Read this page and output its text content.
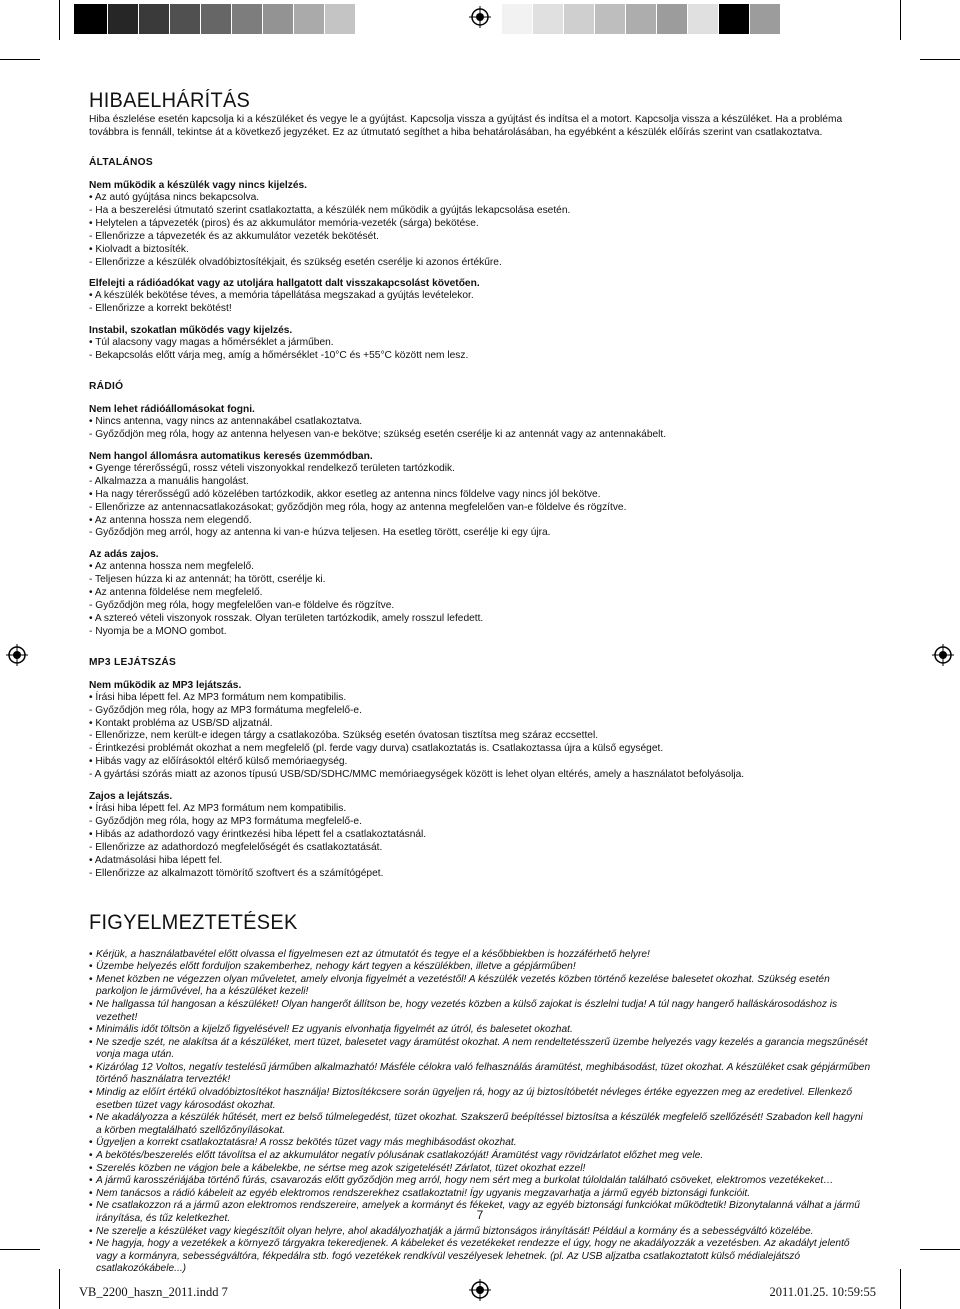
HIBAELHÁRÍTÁS

Hiba észlelése esetén kapcsolja ki a készüléket és vegye le a gyújtást. Kapcsolja vissza a gyújtást és indítsa el a motort. Kapcsolja vissza a készüléket. Ha a probléma továbbra is fennáll, tekintse át a következő jegyzéket. Ez az útmutató segíthet a hiba behatárolásában, ha egyébként a készülék előírás szerint van csatlakoztatva.

ÁLTALÁNOS
Nem működik a készülék vagy nincs kijelzés.

• Az autó gyújtása nincs bekapcsolva.

- Ha a beszerelési útmutató szerint csatlakoztatta, a készülék nem működik a gyújtás lekapcsolása esetén.

• Helytelen a tápvezeték (piros) és az akkumulátor memória-vezeték (sárga) bekötése.

- Ellenőrizze a tápvezeték és az akkumulátor vezeték bekötését.

• Kiolvadt a biztosíték.

- Ellenőrizze a készülék olvadóbiztosítékjait, és szükség esetén cserélje ki azonos értékűre.

Elfelejti a rádióadókat vagy az utoljára hallgatott dalt visszakapcsolást követően.

• A készülék bekötése téves, a memória tápellátása megszakad a gyújtás levételekor.

- Ellenőrizze a korrekt bekötést!

Instabil, szokatlan működés vagy kijelzés.

• Túl alacsony vagy magas a hőmérséklet a járműben.

- Bekapcsolás előtt várja meg, amíg a hőmérséklet -10°C és +55°C között nem lesz.

RÁDIÓ
Nem lehet rádióállomásokat fogni.

• Nincs antenna, vagy nincs az antennakábel csatlakoztatva.

- Győződjön meg róla, hogy az antenna helyesen van-e bekötve; szükség esetén cserélje ki az antennát vagy az antennakábelt.

Nem hangol állomásra automatikus keresés üzemmódban.

• Gyenge térerősségű, rossz vételi viszonyokkal rendelkező területen tartózkodik.

- Alkalmazza a manuális hangolást.

• Ha nagy térerősségű adó közelében tartózkodik, akkor esetleg az antenna nincs földelve vagy nincs jól bekötve.

- Ellenőrizze az antennacsatlakozásokat; győződjön meg róla, hogy az antenna megfelelően van-e földelve és rögzítve.

• Az antenna hossza nem elegendő.

- Győződjön meg arról, hogy az antenna ki van-e húzva teljesen. Ha esetleg törött, cserélje ki egy újra.

Az adás zajos.

• Az antenna hossza nem megfelelő.

- Teljesen húzza ki az antennát; ha törött, cserélje ki.

• Az antenna földelése nem megfelelő.

- Győződjön meg róla, hogy megfelelően van-e földelve és rögzítve.

• A sztereó vételi viszonyok rosszak. Olyan területen tartózkodik, amely rosszul lefedett.

- Nyomja be a MONO gombot.

MP3 LEJÁTSZÁS
Nem működik az MP3 lejátszás.

• Írási hiba lépett fel. Az MP3 formátum nem kompatibilis.

- Győződjön meg róla, hogy az MP3 formátuma megfelelő-e.

• Kontakt probléma az USB/SD aljzatnál.

- Ellenőrizze, nem került-e idegen tárgy a csatlakozóba. Szükség esetén óvatosan tisztítsa meg száraz eccsettel.

- Érintkezési problémát okozhat a nem megfelelő (pl. ferde vagy durva) csatlakoztatás is. Csatlakoztassa újra a külső egységet.

• Hibás vagy az előírásoktól eltérő külső memóriaegység.

- A gyártási szórás miatt az azonos típusú USB/SD/SDHC/MMC memóriaegységek között is lehet olyan eltérés, amely a használatot befolyásolja.

Zajos a lejátszás.

• Írási hiba lépett fel. Az MP3 formátum nem kompatibilis.

- Győződjön meg róla, hogy az MP3 formátuma megfelelő-e.

• Hibás az adathordozó vagy érintkezési hiba lépett fel a csatlakoztatásnál.

- Ellenőrizze az adathordozó megfelelőségét és csatlakoztatását.

• Adatmásolási hiba lépett fel.

- Ellenőrizze az alkalmazott tömörítő szoftvert és a számítógépet.

FIGYELMEZTETÉSEK
• Kérjük, a használatbavétel előtt olvassa el figyelmesen ezt az útmutatót és tegye el a későbbiekben is hozzáférhető helyre!
• Üzembe helyezés előtt forduljon szakemberhez, nehogy kárt tegyen a készülékben, illetve a gépjárműben!
• Menet közben ne végezzen olyan műveletet, amely elvonja figyelmét a vezetéstől! A készülék vezetés közben történő kezelése balesetet okozhat. Szükség esetén parkoljon le járművével, ha a készüléket kezeli!
• Ne hallgassa túl hangosan a készüléket! Olyan hangerőt állítson be, hogy vezetés közben a külső zajokat is észlelni tudja! A túl nagy hangerő halláskárosodáshoz is vezethet!
• Minimális időt töltsön a kijelző figyelésével! Ez ugyanis elvonhatja figyelmét az útról, és balesetet okozhat.
• Ne szedje szét, ne alakítsa át a készüléket, mert tüzet, balesetet vagy áramütést okozhat. A nem rendeltetésszerű üzembe helyezés vagy kezelés a garancia megszűnését vonja maga után.
• Kizárólag 12 Voltos, negatív testelésű járműben alkalmazható! Másféle célokra való felhasználás áramütést, meghibásodást, tüzet okozhat. A készüléket csak gépjárműben történő használatra tervezték!
• Mindig az előírt értékű olvadóbiztosítékot használja! Biztosítékcsere során ügyeljen rá, hogy az új biztosítóbetét névleges értéke egyezzen meg az eredetivel. Ellenkező esetben tüzet vagy károsodást okozhat.
• Ne akadályozza a készülék hűtését, mert ez belső túlmelegedést, tüzet okozhat. Szakszerű beépítéssel biztosítsa a készülék megfelelő szellőzését! Szabadon kell hagyni a körben megtalálható szellőzőnyílásokat.
• Ügyeljen a korrekt csatlakoztatásra! A rossz bekötés tüzet vagy más meghibásodást okozhat.
• A bekötés/beszerelés előtt távolítsa el az akkumulátor negatív pólusának csatlakozóját! Áramütést vagy rövidzárlatot előzhet meg vele.
• Szerelés közben ne vágjon bele a kábelekbe, ne sértse meg azok szigetelését! Zárlatot, tüzet okozhat ezzel!
• A jármű karosszériájába történő fúrás, csavarozás előtt győződjön meg arról, hogy nem sért meg a burkolat túloldalán található csöveket, elektromos vezetékeket…
• Nem tanácsos a rádió kábeleit az egyéb elektromos rendszerekhez csatlakoztatni! Így ugyanis megzavarhatja a jármű egyéb biztonsági funkcióit.
• Ne csatlakozzon rá a jármű azon elektromos rendszereire, amelyek a kormányt és fékeket, vagy az egyéb biztonsági funkciókat működtetik! Bizonytalanná válhat a jármű irányítása, és tűz keletkezhet.
• Ne szerelje a készüléket vagy kiegészítőit olyan helyre, ahol akadályozhatják a jármű biztonságos irányítását! Például a kormány és a sebességváltó közelébe.
• Ne hagyja, hogy a vezetékek a környező tárgyakra tekeredjenek. A kábeleket és vezetékeket rendezze el úgy, hogy ne akadályozzák a vezetésben. Az akadályt jelentő vagy a kormányra, sebességváltóra, fékpedálra stb. fogó vezetékek rendkívül veszélyesek lehetnek. (pl. Az USB aljzatba csatlakoztatott külső médialejátszó csatlakozókábele...)
7
VB_2200_haszn_2011.indd 7	2011.01.25. 10:59:55
